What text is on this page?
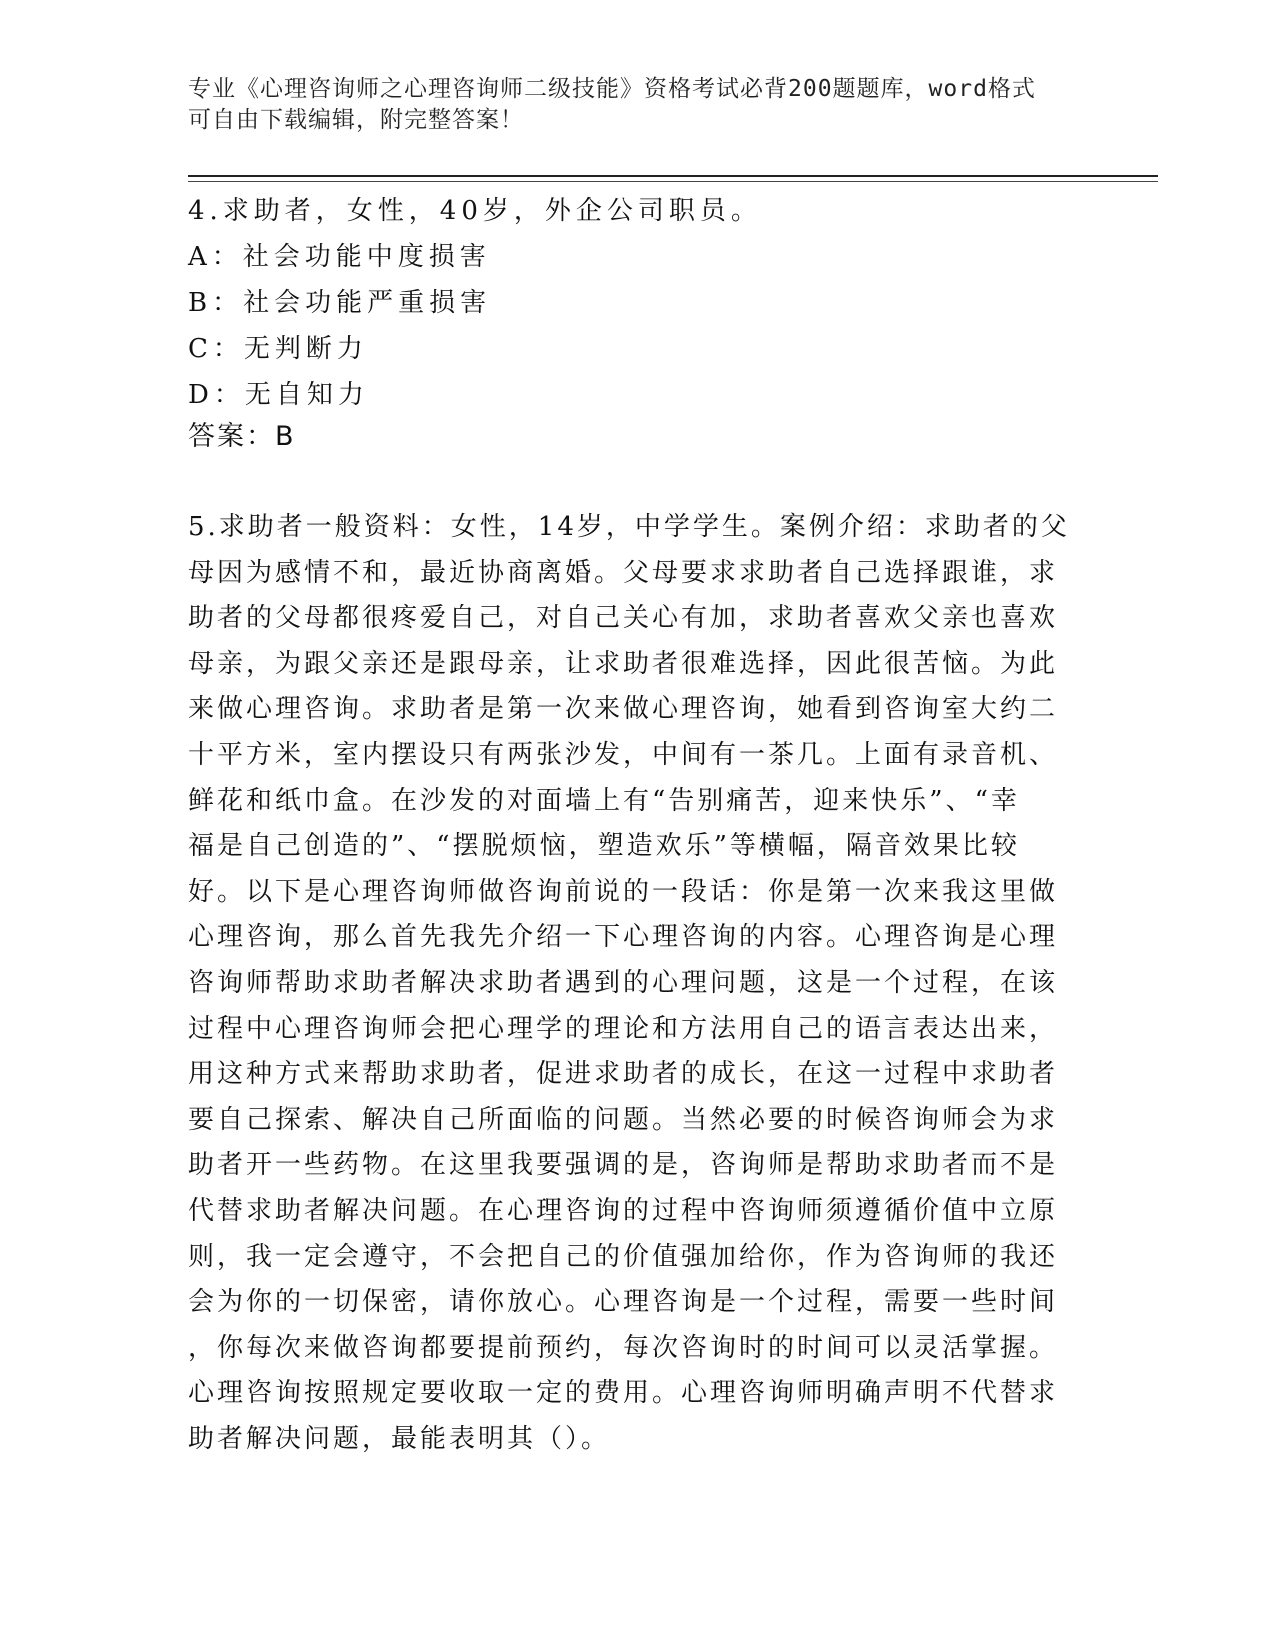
专业《心理咨询师之心理咨询师二级技能》资格考试必背200题题库，word格式
可自由下载编辑，附完整答案！
4.求助者，女性，40岁，外企公司职员。
A：社会功能中度损害
B：社会功能严重损害
C：无判断力
D：无自知力
答案：B
5.求助者一般资料：女性，14岁，中学学生。案例介绍：求助者的父
母因为感情不和，最近协商离婚。父母要求求助者自己选择跟谁，求
助者的父母都很疼爱自己，对自己关心有加，求助者喜欢父亲也喜欢
母亲，为跟父亲还是跟母亲，让求助者很难选择，因此很苦恼。为此
来做心理咨询。求助者是第一次来做心理咨询，她看到咨询室大约二
十平方米，室内摆设只有两张沙发，中间有一茶几。上面有录音机、
鲜花和纸巾盒。在沙发的对面墙上有“告别痛苦，迎来快乐”、“幸
福是自己创造的”、“摆脱烦恼，塑造欢乐”等横幅，隔音效果比较
好。以下是心理咨询师做咨询前说的一段话：你是第一次来我这里做
心理咨询，那么首先我先介绍一下心理咨询的内容。心理咨询是心理
咨询师帮助求助者解决求助者遇到的心理问题，这是一个过程，在该
过程中心理咨询师会把心理学的理论和方法用自己的语言表达出来，
用这种方式来帮助求助者，促进求助者的成长，在这一过程中求助者
要自己探索、解决自己所面临的问题。当然必要的时候咨询师会为求
助者开一些药物。在这里我要强调的是，咨询师是帮助求助者而不是
代替求助者解决问题。在心理咨询的过程中咨询师须遵循价值中立原
则，我一定会遵守，不会把自己的价值强加给你，作为咨询师的我还
会为你的一切保密，请你放心。心理咨询是一个过程，需要一些时间
，你每次来做咨询都要提前预约，每次咨询时的时间可以灵活掌握。
心理咨询按照规定要收取一定的费用。心理咨询师明确声明不代替求
助者解决问题，最能表明其（）。
